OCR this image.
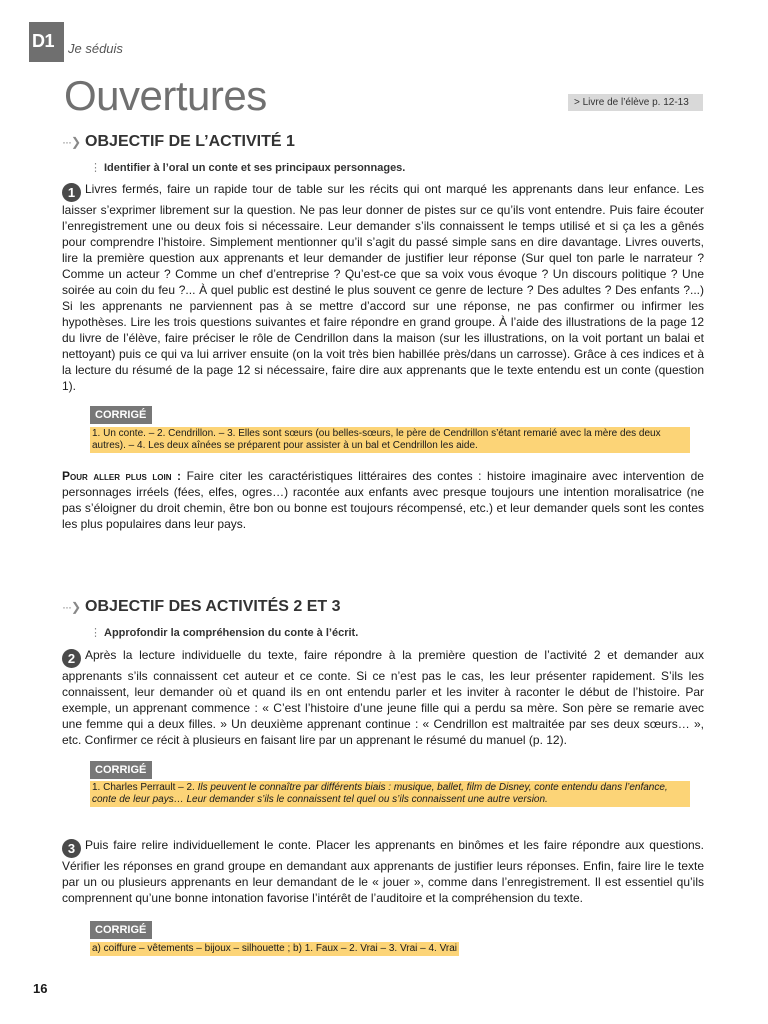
D1 Je séduis
Ouvertures	> Livre de l’élève p. 12-13
···❯ OBJECTIF DE L’ACTIVITÉ 1
⋮ Identifier à l’oral un conte et ses principaux personnages.

1 Livres fermés, faire un rapide tour de table sur les récits qui ont marqué les apprenants dans leur enfance. Les laisser s’exprimer librement sur la question. Ne pas leur donner de pistes sur ce qu’ils vont entendre. Puis faire écouter l’enregistrement une ou deux fois si nécessaire. Leur demander s’ils connaissent le temps utilisé et si ça les a gênés pour comprendre l’histoire. Simplement mentionner qu’il s’agit du passé simple sans en dire davantage. Livres ouverts, lire la première question aux apprenants et leur demander de justifier leur réponse (Sur quel ton parle le narrateur ? Comme un acteur ? Comme un chef d’entreprise ? Qu’est-ce que sa voix vous évoque ? Un discours politique ? Une soirée au coin du feu ?... À quel public est destiné le plus souvent ce genre de lecture ? Des adultes ? Des enfants ?...) Si les apprenants ne parviennent pas à se mettre d’accord sur une réponse, ne pas confirmer ou infirmer les hypothèses. Lire les trois questions suivantes et faire répondre en grand groupe. À l’aide des illustrations de la page 12 du livre de l’élève, faire préciser le rôle de Cendrillon dans la maison (sur les illustrations, on la voit portant un balai et nettoyant) puis ce qui va lui arriver ensuite (on la voit très bien habillée près/dans un carrosse). Grâce à ces indices et à la lecture du résumé de la page 12 si nécessaire, faire dire aux apprenants que le texte entendu est un conte (question 1).

CORRIGÉ
1. Un conte. – 2. Cendrillon. – 3. Elles sont sœurs (ou belles-sœurs, le père de Cendrillon s’étant remarié avec la mère des deux autres). – 4. Les deux aînées se préparent pour assister à un bal et Cendrillon les aide.

Pour aller plus loin : Faire citer les caractéristiques littéraires des contes : histoire imaginaire avec intervention de personnages irréels (fées, elfes, ogres…) racontée aux enfants avec presque toujours une intention moralisatrice (ne pas s’éloigner du droit chemin, être bon ou bonne est toujours récompensé, etc.) et leur demander quels sont les contes les plus populaires dans leur pays.

···❯ OBJECTIF DES ACTIVITÉS 2 ET 3
⋮ Approfondir la compréhension du conte à l’écrit.

2 Après la lecture individuelle du texte, faire répondre à la première question de l’activité 2 et demander aux apprenants s’ils connaissent cet auteur et ce conte. Si ce n’est pas le cas, les leur présenter rapidement. S’ils les connaissent, leur demander où et quand ils en ont entendu parler et les inviter à raconter le début de l’histoire. Par exemple, un apprenant commence : « C’est l’histoire d’une jeune fille qui a perdu sa mère. Son père se remarie avec une femme qui a deux filles. » Un deuxième apprenant continue : « Cendrillon est maltraitée par ses deux sœurs… », etc. Confirmer ce récit à plusieurs en faisant lire par un apprenant le résumé du manuel (p. 12).

CORRIGÉ
1. Charles Perrault – 2. Ils peuvent le connaître par différents biais : musique, ballet, film de Disney, conte entendu dans l’enfance, conte de leur pays… Leur demander s’ils le connaissent tel quel ou s’ils connaissent une autre version.

3 Puis faire relire individuellement le conte. Placer les apprenants en binômes et les faire répondre aux questions. Vérifier les réponses en grand groupe en demandant aux apprenants de justifier leurs réponses. Enfin, faire lire le texte par un ou plusieurs apprenants en leur demandant de le « jouer », comme dans l’enregistrement. Il est essentiel qu’ils comprennent qu’une bonne intonation favorise l’intérêt de l’auditoire et la compréhension du texte.

CORRIGÉ
a) coiffure – vêtements – bijoux – silhouette ; b) 1. Faux – 2. Vrai – 3. Vrai – 4. Vrai
16
